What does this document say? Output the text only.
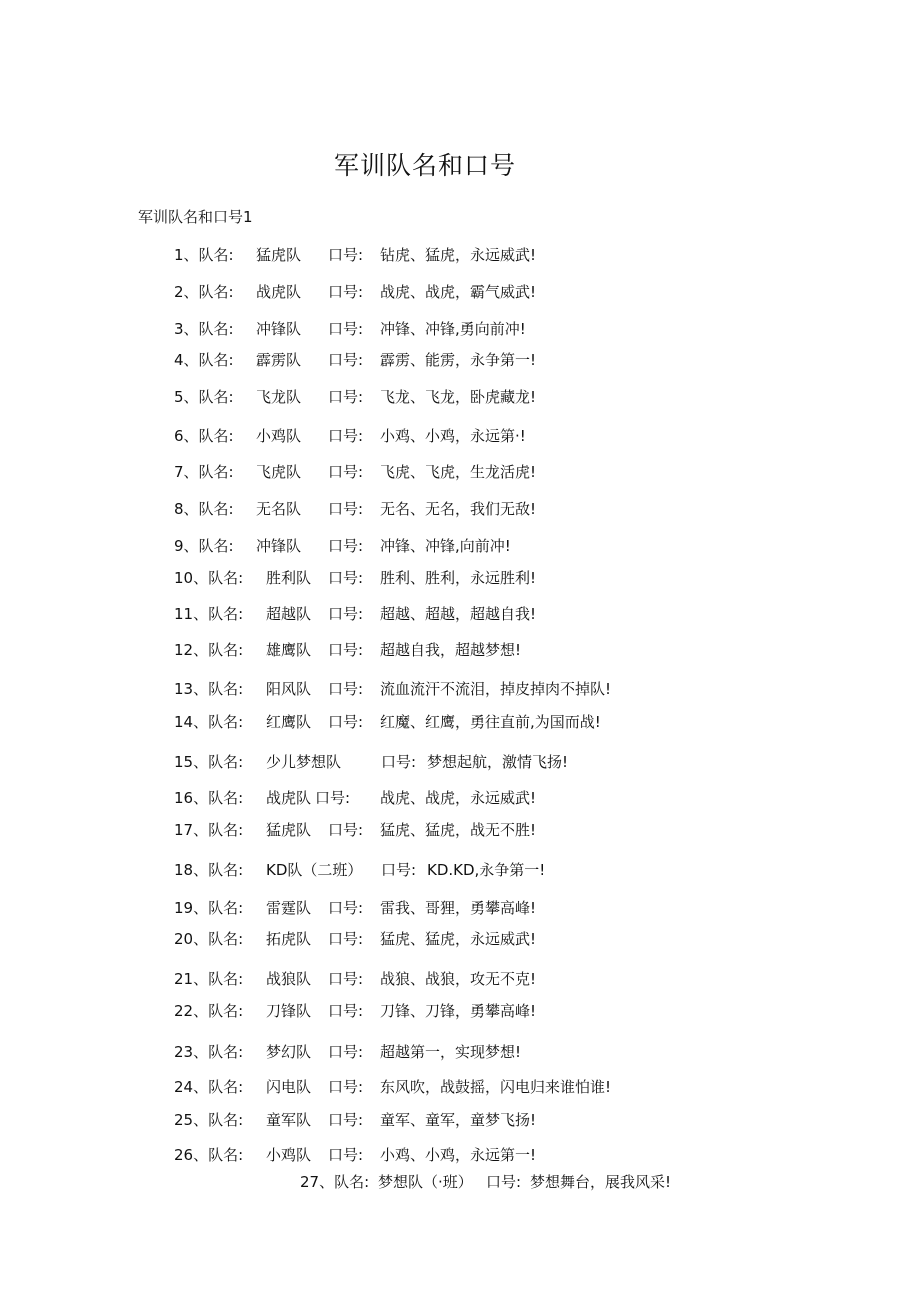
军训队名和口号
军训队名和口号1
1、队名: 猛虎队 口号: 钻虎、猛虎，永远威武!
2、队名: 战虎队 口号: 战虎、战虎，霸气威武!
3、队名: 冲锋队 口号: 冲锋、冲锋,勇向前冲!
4、队名: 霹雳队 口号: 霹雳、能雳，永争第一!
5、队名: 飞龙队 口号: 飞龙、飞龙，卧虎藏龙!
6、队名: 小鸡队 口号: 小鸡、小鸡，永远第·!
7、队名: 飞虎队 口号: 飞虎、飞虎，生龙活虎!
8、队名: 无名队 口号: 无名、无名，我们无敌!
9、队名: 冲锋队 口号: 冲锋、冲锋,向前冲!
10、队名: 胜利队 口号: 胜利、胜利，永远胜利!
11、队名: 超越队 口号: 超越、超越，超越自我!
12、队名: 雄鹰队 口号: 超越自我，超越梦想!
13、队名: 阳风队 口号: 流血流汗不流泪，掉皮掉肉不掉队!
14、队名: 红鹰队 口号: 红魔、红鹰，勇往直前,为国而战!
15、队名: 少儿梦想队	口号: 梦想起航，激情飞扬!
16、队名: 战虎队 口号: 战虎、战虎，永远威武!
17、队名: 猛虎队 口号: 猛虎、猛虎，战无不胜!
18、队名: KD队（二班） 口号: KD.KD,永争第一!
19、队名: 雷霆队 口号: 雷我、哥狸，勇攀高峰!
20、队名: 拓虎队 口号: 猛虎、猛虎，永远威武!
21、队名: 战狼队 口号: 战狼、战狼，攻无不克!
22、队名: 刀锋队 口号: 刀锋、刀锋，勇攀高峰!
23、队名: 梦幻队 口号: 超越第一，实现梦想!
24、队名: 闪电队 口号: 东风吹，战鼓摇，闪电归来谁怕谁!
25、队名: 童军队 口号: 童军、童军，童梦飞扬!
26、队名: 小鸡队 口号: 小鸡、小鸡，永远第一!
27、队名: 梦想队（·班） 口号: 梦想舞台，展我风采!
